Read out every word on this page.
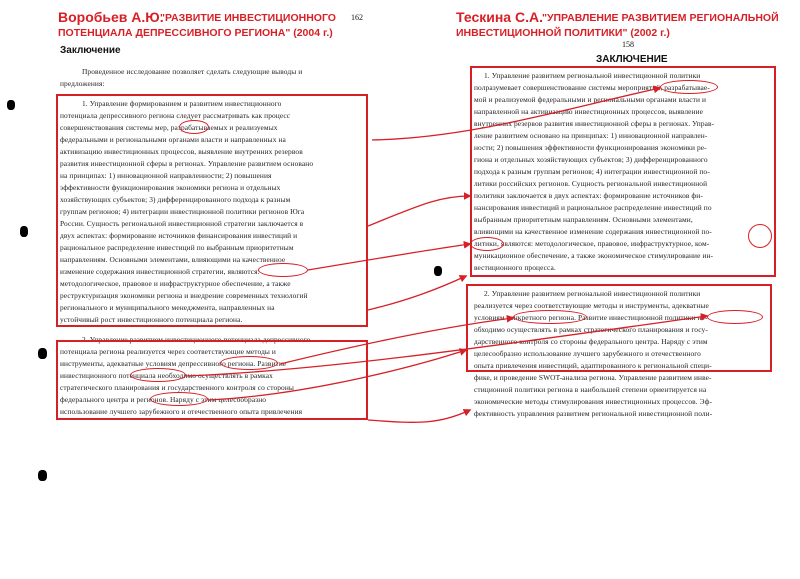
Воробьев А.Ю.
"РАЗВИТИЕ ИНВЕСТИЦИОННОГО
ПОТЕНЦИАЛА ДЕПРЕССИВНОГО РЕГИОНА" (2004 г.)
162
Заключение
Проведенное исследование позволяет сделать следующие выводы и
предложения:
1. Управление формированием и развитием инвестиционного
потенциала депрессивного региона следует рассматривать как процесс
совершенствования системы мер, разрабатываемых и реализуемых
федеральными и региональными органами власти и направленных на
активизацию инвестиционных процессов, выявление внутренних резервов
развития инвестиционной сферы в регионах. Управление развитием основано
на принципах: 1) инновационной направленности; 2) повышения
эффективности функционирования экономики региона и отдельных
хозяйствующих субъектов; 3) дифференцированного подхода к разным
группам регионов; 4) интеграции инвестиционной политики регионов Юга
России. Сущность региональной инвестиционной стратегии заключается в
двух аспектах: формирование источников финансирования инвестиций и
рациональное распределение инвестиций по выбранным приоритетным
направлениям. Основными элементами, влияющими на качественное
изменение содержания инвестиционной стратегии, являются:
методологическое, правовое и инфраструктурное обеспечение, а также
реструктуризация экономики региона и внедрение современных технологий
регионального и муниципального менеджмента, направленных на
устойчивый рост инвестиционного потенциала региона.
2. Управление развитием инвестиционного потенциала депрессивного
потенциала региона реализуется через соответствующие методы и
инструменты, адекватные условиям депрессивного региона. Развитие
инвестиционного потенциала необходимо осуществлять в рамках
стратегического планирования и государственного контроля со стороны
федерального центра и регионов. Наряду с этим целесообразно
использование лучшего зарубежного и отечественного опыта привлечения
Тескина С.А. "УПРАВЛЕНИЕ РАЗВИТИЕМ РЕГИОНАЛЬНОЙ
ИНВЕСТИЦИОННОЙ ПОЛИТИКИ" (2002 г.)
158
ЗАКЛЮЧЕНИЕ
1. Управление развитием региональной инвестиционной политики
полразумевает совершенствование системы мероприятий, разрабатывае-
мой и реализуемой федеральными и региональными органами власти и
направленной на активизацию инвестиционных процессов, выявление
внутренних резервов развития инвестиционной сферы в регионах. Управ-
ление развитием основано на принципах: 1) инновационной направлен-
ности; 2) повышения эффективности функционирования экономики ре-
гиона и отдельных хозяйствующих субъектов; 3) дифференцированного
подхода к разным группам регионов; 4) интеграции инвестиционной по-
литики российских регионов. Сущность региональной инвестиционной
политики заключается в двух аспектах: формирование источников фи-
нансирования инвестиций и рациональное распределение инвестиций по
выбранным приоритетным направлениям. Основными элементами,
влияющими на качественное изменение содержания инвестиционной по-
литики, являются: методологическое, правовое, инфраструктурное, ком-
муникационное обеспечение, а также экономическое стимулирование ин-
вестиционного процесса.
2. Управление развитием региональной инвестиционной политики
реализуется через соответствующие методы и инструменты, адекватные
условиям конкретного региона. Развитие инвестиционной политики не-
обходимо осуществлять в рамках стратегического планирования и госу-
дарственного контроля со стороны федерального центра. Наряду с этим
целесообразно использование лучшего зарубежного и отечественного
опыта привлечения инвестиций, адаптированного к региональной специ-
фике, и проведение SWOT-анализа региона. Управление развитием инве-
стиционной политики региона в наибольшей степени ориентируется на
экономические методы стимулирования инвестиционных процессов. Эф-
фективность управления развитием региональной инвестиционной поли-
